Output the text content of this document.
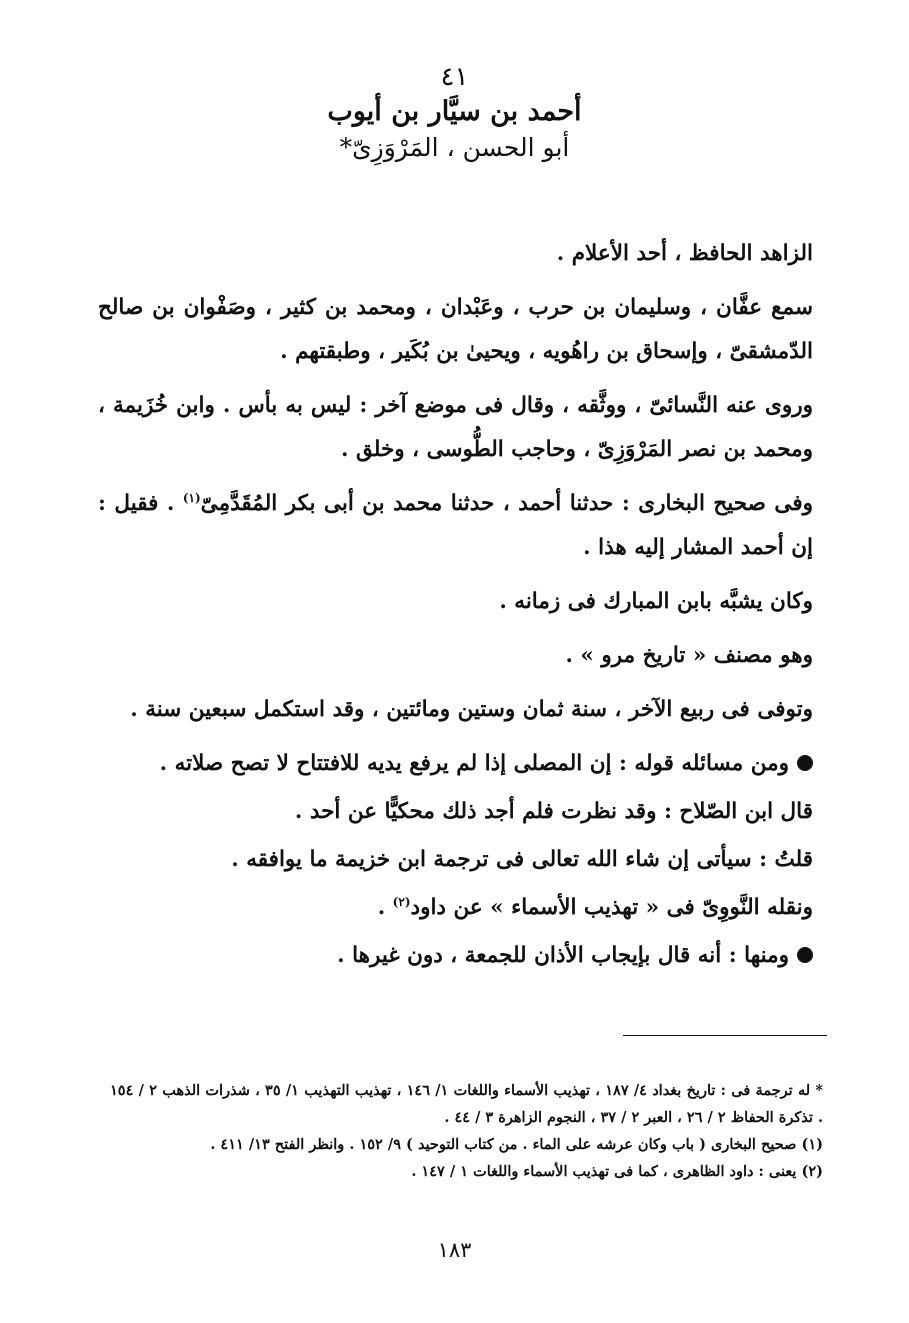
٤١
أحمد بن سيَّار بن أيوب
أبو الحسن ، المَرْوَزِىّ*

الزاهد الحافظ ، أحد الأعلام .

سمع عفَّان ، وسليمان بن حرب ، وعَبْدان ، ومحمد بن كثير ، وصَفْوان بن صالح الدّمشقىّ ، وإسحاق بن راهُويه ، ويحيىٰ بن بُكَير ، وطبقتهم .

وروى عنه النَّسائىّ ، ووثَّقه ، وقال فى موضع آخر : ليس به بأس . وابن خُزَيمة ، ومحمد بن نصر المَرْوَزِىّ ، وحاجب الطُّوسى ، وخلق .

وفى صحيح البخارى : حدثنا أحمد ، حدثنا محمد بن أبى بكر المُقَدَّمِىّ$^{(١)}$ . فقيل : إن أحمد المشار إليه هذا .

وكان يشبَّه بابن المبارك فى زمانه .

وهو مصنف « تاريخ مرو » .

وتوفى فى ربيع الآخر ، سنة ثمان وستين ومائتين ، وقد استكمل سبعين سنة .

ومن مسائله قوله : إن المصلى إذا لم يرفع يديه للافتتاح لا تصح صلاته .

قال ابن الصّلاح : وقد نظرت فلم أجد ذلك محكيًّا عن أحد .

قلتُ : سيأتى إن شاء الله تعالى فى ترجمة ابن خزيمة ما يوافقه .

ونقله النَّووِىّ فى « تهذيب الأسماء » عن داود$^{(٢)}$ .

ومنها : أنه قال بإيجاب الأذان للجمعة ، دون غيرها .

* له ترجمة فى : تاريخ بغداد ٤/ ١٨٧ ، تهذيب الأسماء واللغات ١/ ١٤٦ ، تهذيب التهذيب ١/ ٣٥ ، شذرات الذهب ٢ / ١٥٤ . تذكرة الحفاظ ٢ / ٢٦ ، العبر ٢ / ٣٧ ، النجوم الزاهرة ٣ / ٤٤ .

(١) صحيح البخارى ( باب وكان عرشه على الماء . من كتاب التوحيد ) ٩/ ١٥٢ . وانظر الفتح ١٣/ ٤١١ .

(٢) يعنى : داود الظاهرى ، كما فى تهذيب الأسماء واللغات ١ / ١٤٧ .

١٨٣
